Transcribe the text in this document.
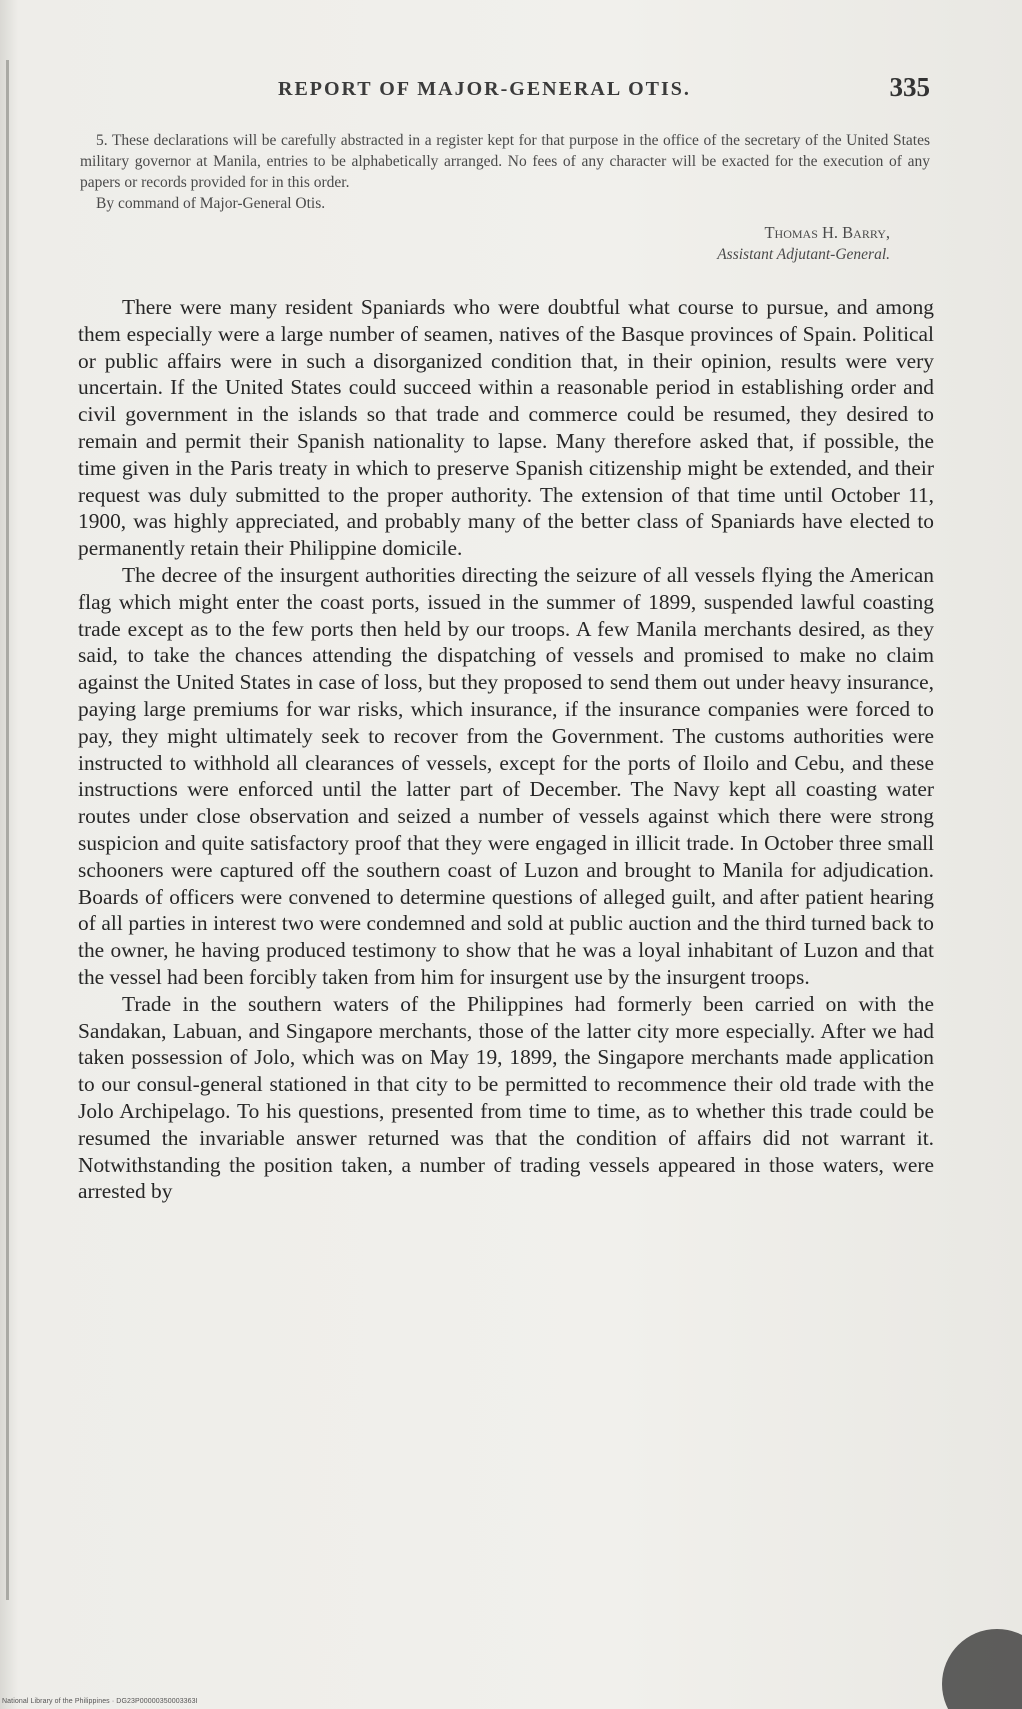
REPORT OF MAJOR-GENERAL OTIS.	335

5. These declarations will be carefully abstracted in a register kept for that purpose in the office of the secretary of the United States military governor at Manila, entries to be alphabetically arranged. No fees of any character will be exacted for the execution of any papers or records provided for in this order.

By command of Major-General Otis.

Thomas H. Barry,
Assistant Adjutant-General.

There were many resident Spaniards who were doubtful what course to pursue, and among them especially were a large number of seamen, natives of the Basque provinces of Spain. Political or public affairs were in such a disorganized condition that, in their opinion, results were very uncertain. If the United States could succeed within a reasonable period in establishing order and civil government in the islands so that trade and commerce could be resumed, they desired to remain and permit their Spanish nationality to lapse. Many therefore asked that, if possible, the time given in the Paris treaty in which to preserve Spanish citizenship might be extended, and their request was duly submitted to the proper authority. The extension of that time until October 11, 1900, was highly appreciated, and probably many of the better class of Spaniards have elected to permanently retain their Philippine domicile.

The decree of the insurgent authorities directing the seizure of all vessels flying the American flag which might enter the coast ports, issued in the summer of 1899, suspended lawful coasting trade except as to the few ports then held by our troops. A few Manila merchants desired, as they said, to take the chances attending the dispatching of vessels and promised to make no claim against the United States in case of loss, but they proposed to send them out under heavy insurance, paying large premiums for war risks, which insurance, if the insurance companies were forced to pay, they might ultimately seek to recover from the Government. The customs authorities were instructed to withhold all clearances of vessels, except for the ports of Iloilo and Cebu, and these instructions were enforced until the latter part of December. The Navy kept all coasting water routes under close observation and seized a number of vessels against which there were strong suspicion and quite satisfactory proof that they were engaged in illicit trade. In October three small schooners were captured off the southern coast of Luzon and brought to Manila for adjudication. Boards of officers were convened to determine questions of alleged guilt, and after patient hearing of all parties in interest two were condemned and sold at public auction and the third turned back to the owner, he having produced testimony to show that he was a loyal inhabitant of Luzon and that the vessel had been forcibly taken from him for insurgent use by the insurgent troops.

Trade in the southern waters of the Philippines had formerly been carried on with the Sandakan, Labuan, and Singapore merchants, those of the latter city more especially. After we had taken possession of Jolo, which was on May 19, 1899, the Singapore merchants made application to our consul-general stationed in that city to be permitted to recommence their old trade with the Jolo Archipelago. To his questions, presented from time to time, as to whether this trade could be resumed the invariable answer returned was that the condition of affairs did not warrant it. Notwithstanding the position taken, a number of trading vessels appeared in those waters, were arrested by

National Library of the Philippines · DG23P00000350003363I
